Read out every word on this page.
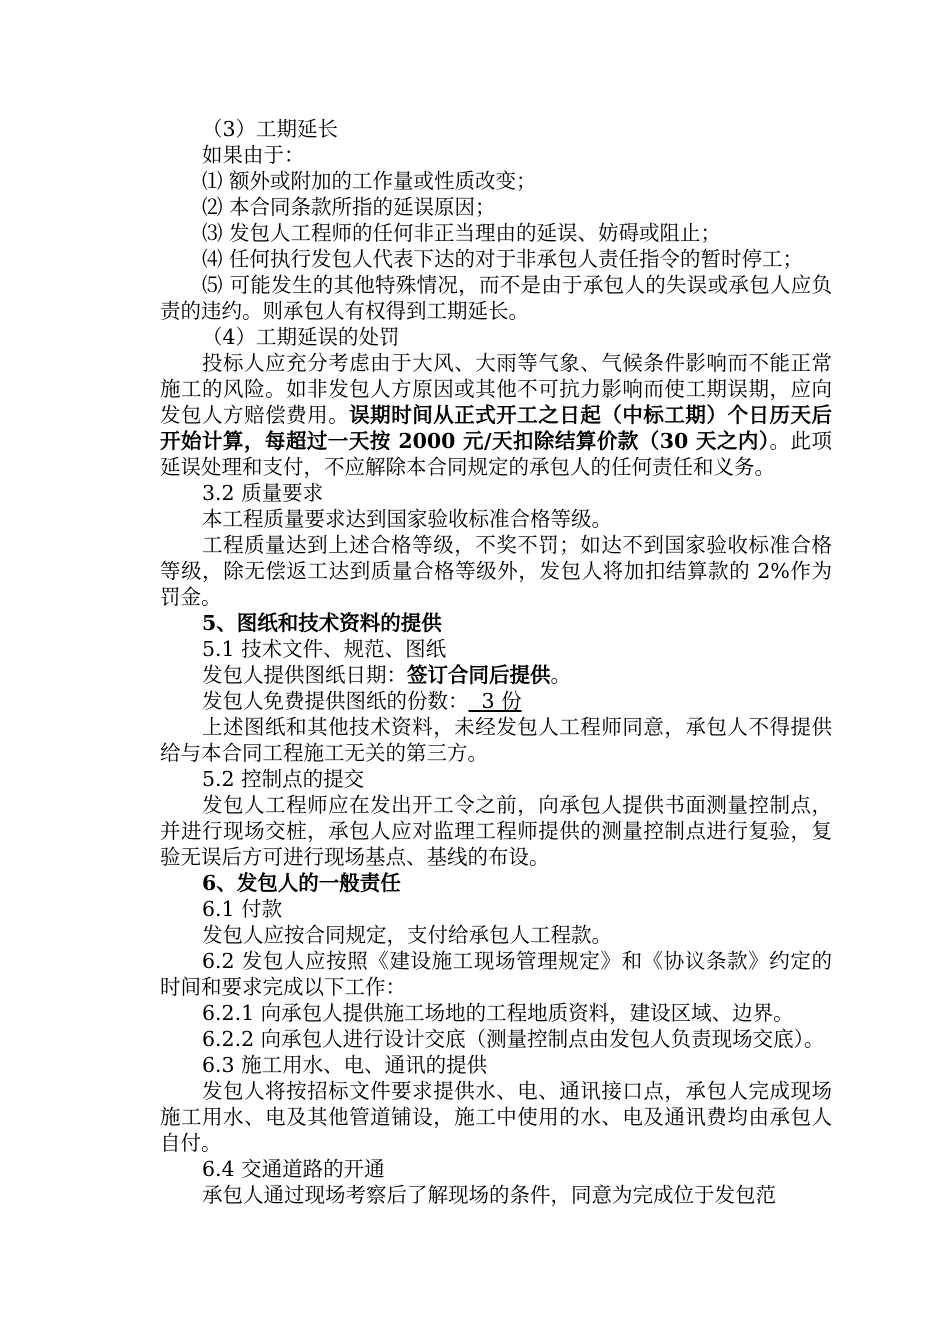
（3）工期延长

如果由于：

⑴ 额外或附加的工作量或性质改变；

⑵ 本合同条款所指的延误原因；

⑶ 发包人工程师的任何非正当理由的延误、妨碍或阻止；

⑷ 任何执行发包人代表下达的对于非承包人责任指令的暂时停工；

⑸ 可能发生的其他特殊情况，而不是由于承包人的失误或承包人应负责的违约。则承包人有权得到工期延长。

（4）工期延误的处罚

投标人应充分考虑由于大风、大雨等气象、气候条件影响而不能正常施工的风险。如非发包人方原因或其他不可抗力影响而使工期误期，应向发包人方赔偿费用。误期时间从正式开工之日起（中标工期）个日历天后开始计算，每超过一天按 2000 元/天扣除结算价款（30 天之内）。此项延误处理和支付，不应解除本合同规定的承包人的任何责任和义务。

3.2 质量要求

本工程质量要求达到国家验收标准合格等级。

工程质量达到上述合格等级，不奖不罚；如达不到国家验收标准合格等级，除无偿返工达到质量合格等级外，发包人将加扣结算款的 2%作为罚金。

5、图纸和技术资料的提供

5.1 技术文件、规范、图纸

发包人提供图纸日期：签订合同后提供。

发包人免费提供图纸的份数：  3 份

上述图纸和其他技术资料，未经发包人工程师同意，承包人不得提供给与本合同工程施工无关的第三方。

5.2 控制点的提交

发包人工程师应在发出开工令之前，向承包人提供书面测量控制点，并进行现场交桩，承包人应对监理工程师提供的测量控制点进行复验，复验无误后方可进行现场基点、基线的布设。

6、发包人的一般责任

6.1 付款

发包人应按合同规定，支付给承包人工程款。

6.2 发包人应按照《建设施工现场管理规定》和《协议条款》约定的时间和要求完成以下工作：

6.2.1 向承包人提供施工场地的工程地质资料，建设区域、边界。

6.2.2 向承包人进行设计交底（测量控制点由发包人负责现场交底）。

6.3 施工用水、电、通讯的提供

发包人将按招标文件要求提供水、电、通讯接口点，承包人完成现场施工用水、电及其他管道铺设，施工中使用的水、电及通讯费均由承包人自付。

6.4 交通道路的开通

承包人通过现场考察后了解现场的条件，同意为完成位于发包范
